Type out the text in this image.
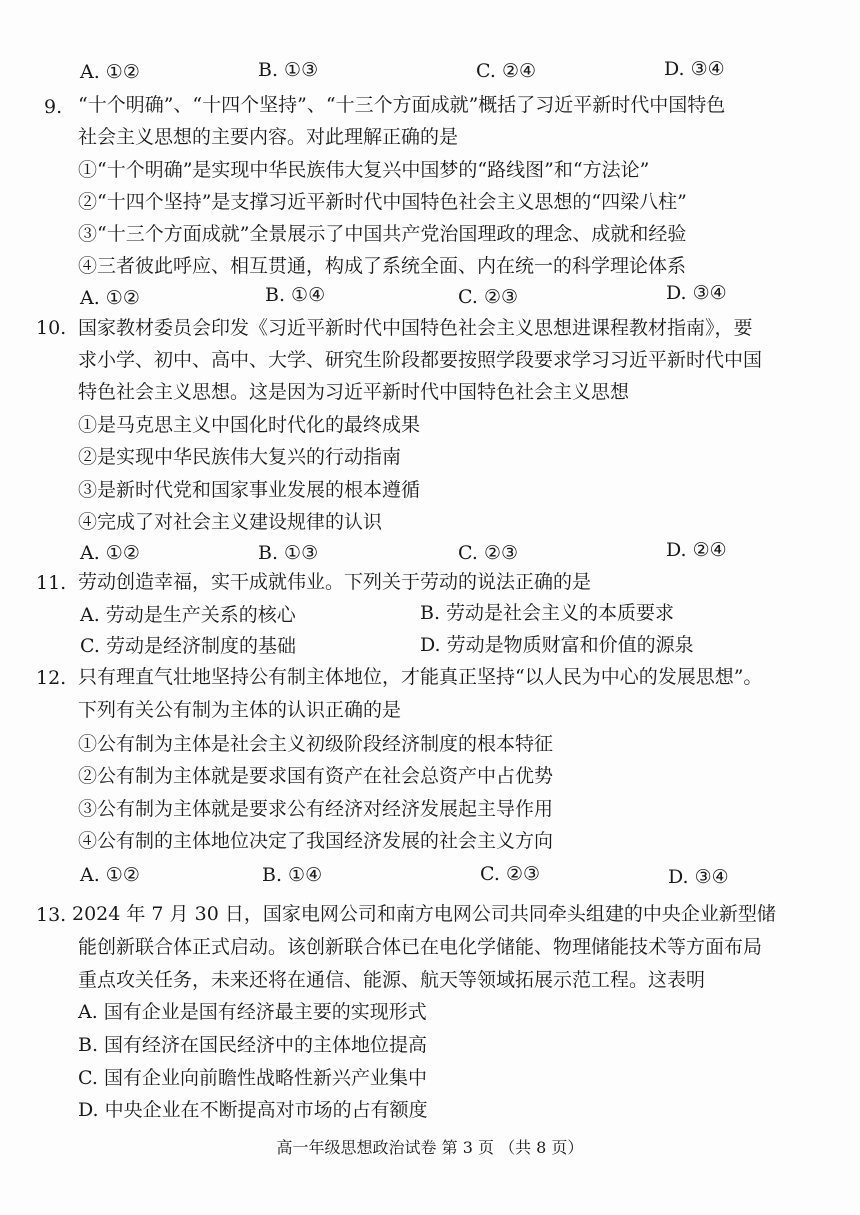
A. ①②	B. ①③	C. ②④	D. ③④
9. “十个明确”、“十四个坚持”、“十三个方面成就”概括了习近平新时代中国特色
社会主义思想的主要内容。对此理解正确的是
①“十个明确”是实现中华民族伟大复兴中国梦的“路线图”和“方法论”
②“十四个坚持”是支撑习近平新时代中国特色社会主义思想的“四梁八柱”
③“十三个方面成就”全景展示了中国共产党治国理政的理念、成就和经验
④三者彼此呼应、相互贯通，构成了系统全面、内在统一的科学理论体系
A. ①②	B. ①④	C. ②③	D. ③④
10. 国家教材委员会印发《习近平新时代中国特色社会主义思想进课程教材指南》，要
求小学、初中、高中、大学、研究生阶段都要按照学段要求学习习近平新时代中国
特色社会主义思想。这是因为习近平新时代中国特色社会主义思想
①是马克思主义中国化时代化的最终成果
②是实现中华民族伟大复兴的行动指南
③是新时代党和国家事业发展的根本遵循
④完成了对社会主义建设规律的认识
A. ①②	B. ①③	C. ②③	D. ②④
11. 劳动创造幸福，实干成就伟业。下列关于劳动的说法正确的是
A. 劳动是生产关系的核心	B. 劳动是社会主义的本质要求
C. 劳动是经济制度的基础	D. 劳动是物质财富和价值的源泉
12. 只有理直气壮地坚持公有制主体地位，才能真正坚持“以人民为中心的发展思想”。
下列有关公有制为主体的认识正确的是
①公有制为主体是社会主义初级阶段经济制度的根本特征
②公有制为主体就是要求国有资产在社会总资产中占优势
③公有制为主体就是要求公有经济对经济发展起主导作用
④公有制的主体地位决定了我国经济发展的社会主义方向
A. ①②	B. ①④	C. ②③	D. ③④
13. 2024 年 7 月 30 日，国家电网公司和南方电网公司共同牵头组建的中央企业新型储
能创新联合体正式启动。该创新联合体已在电化学储能、物理储能技术等方面布局
重点攻关任务，未来还将在通信、能源、航天等领域拓展示范工程。这表明
A. 国有企业是国有经济最主要的实现形式
B. 国有经济在国民经济中的主体地位提高
C. 国有企业向前瞻性战略性新兴产业集中
D. 中央企业在不断提高对市场的占有额度
高一年级思想政治试卷 第 3 页 （共 8 页）
